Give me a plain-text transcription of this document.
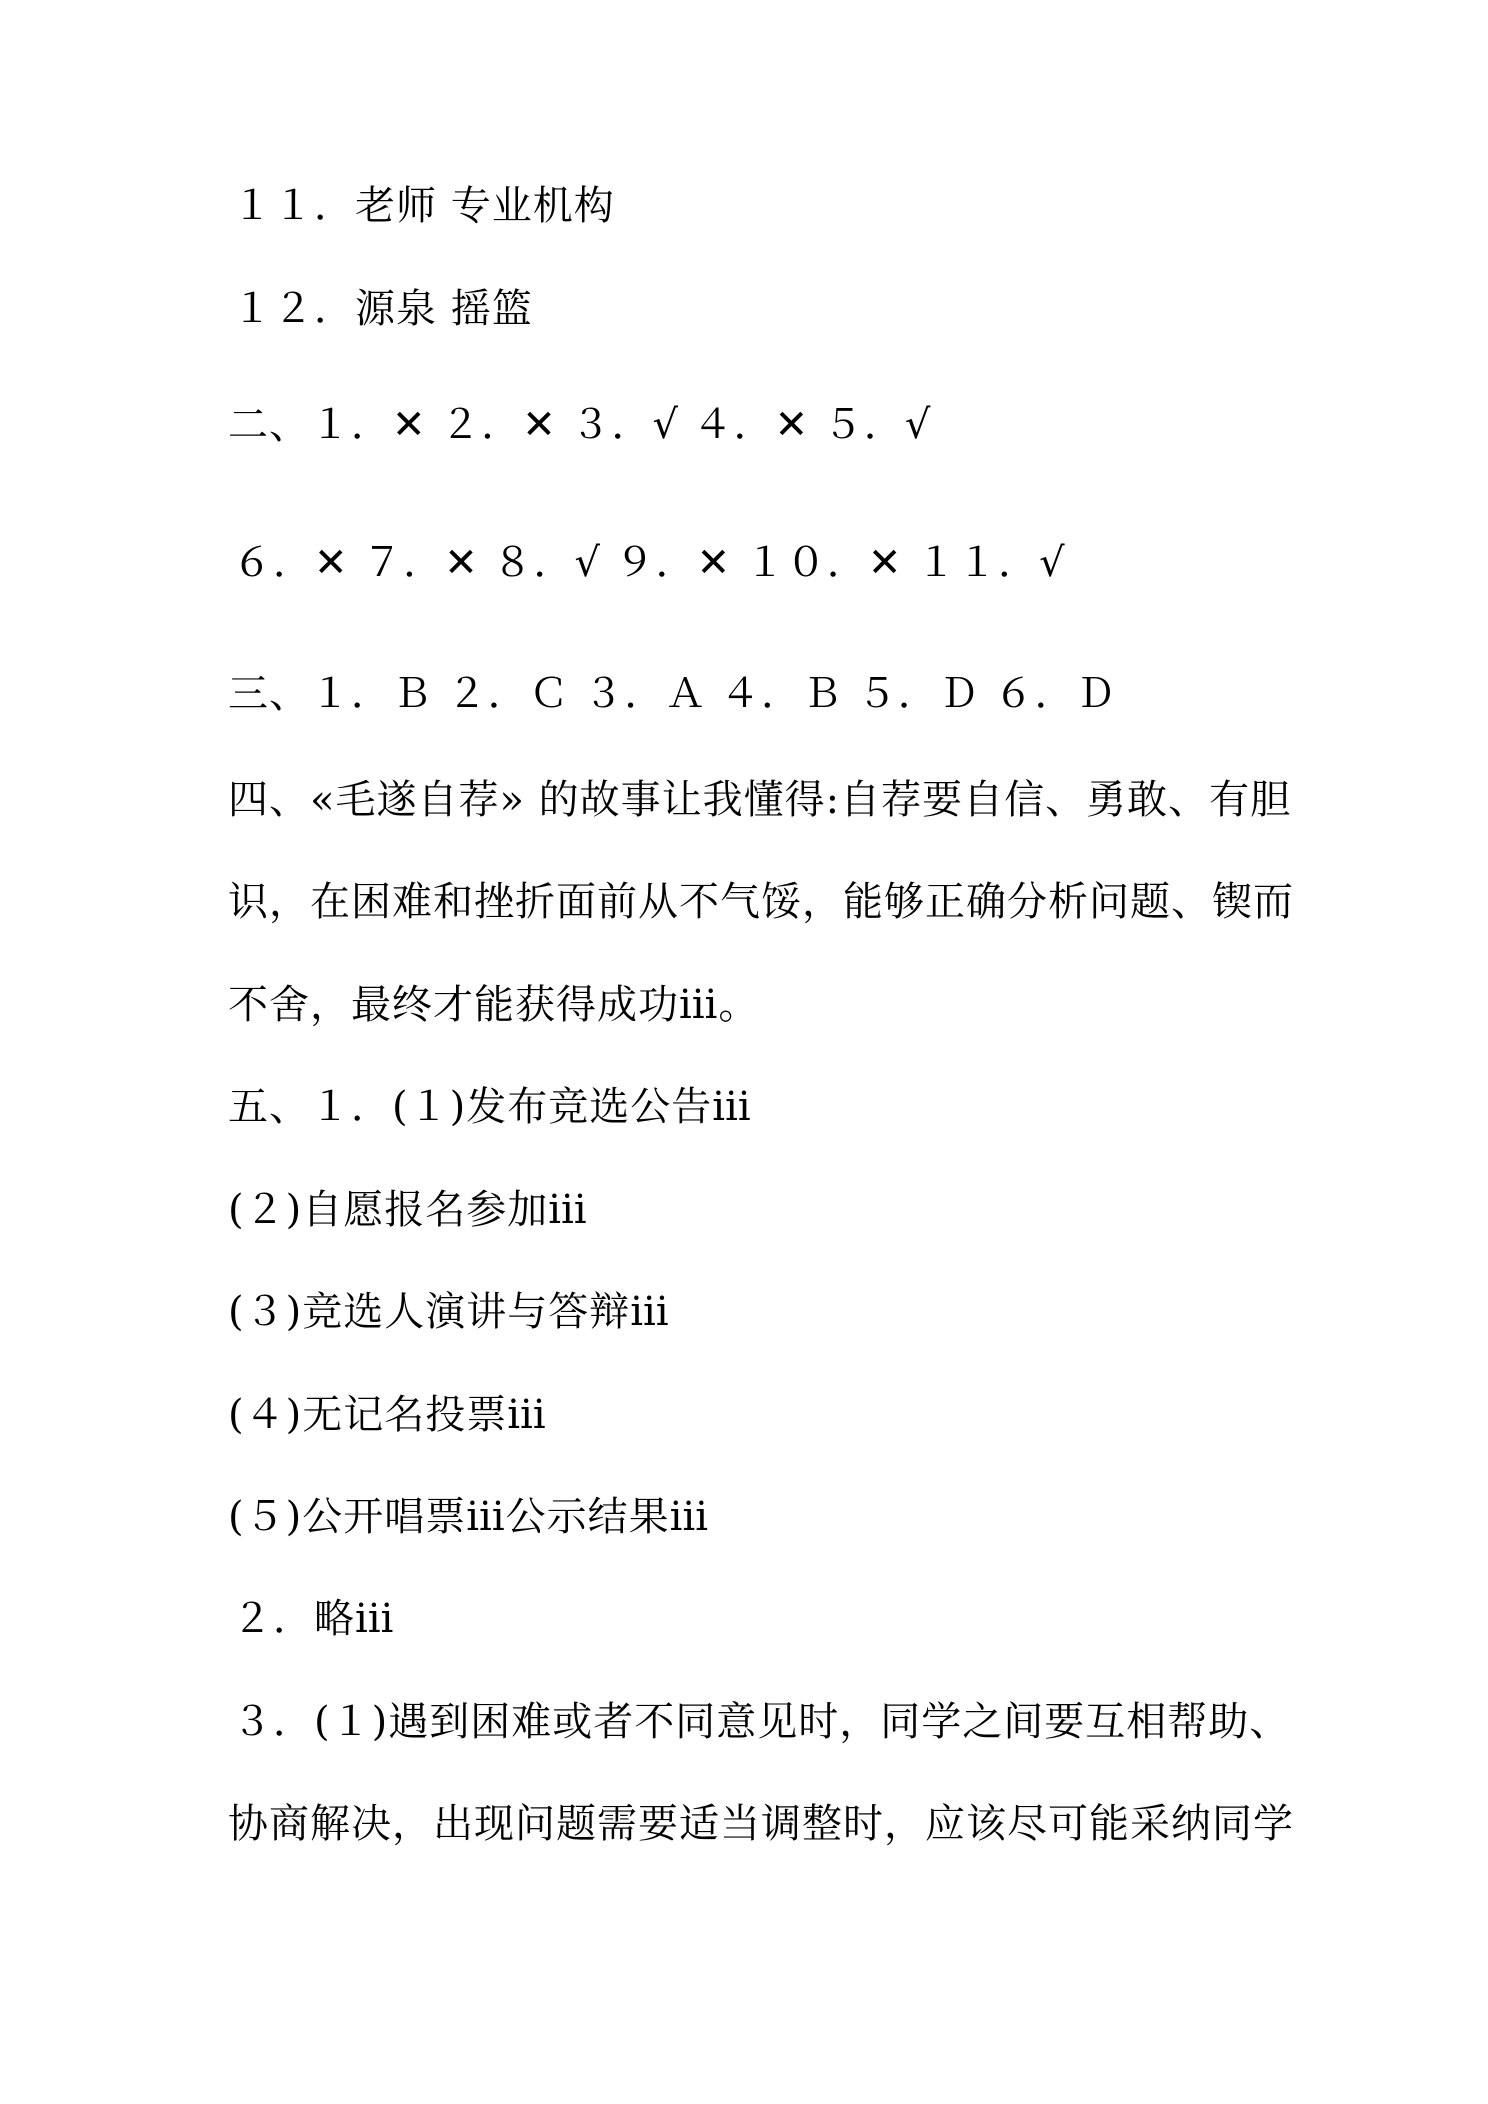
１１．老师 专业机构
１２．源泉 摇篮
二、１．✕ ２．✕ ３．√ ４．✕ ５．√
６．✕ ７．✕ ８．√ ９．✕ １０．✕ １１．√
三、１．Ｂ ２．Ｃ ３．Ａ ４．Ｂ ５．Ｄ ６．Ｄ
四、«毛遂自荐» 的故事让我懂得:自荐要自信、勇敢、有胆
识，在困难和挫折面前从不气馁，能够正确分析问题、锲而
不舍，最终才能获得成功ⅲ。
五、１．(１)发布竞选公告ⅲ
(２)自愿报名参加ⅲ
(３)竞选人演讲与答辩ⅲ
(４)无记名投票ⅲ
(５)公开唱票ⅲ公示结果ⅲ
２．略ⅲ
３．(１)遇到困难或者不同意见时，同学之间要互相帮助、
协商解决，出现问题需要适当调整时，应该尽可能采纳同学
